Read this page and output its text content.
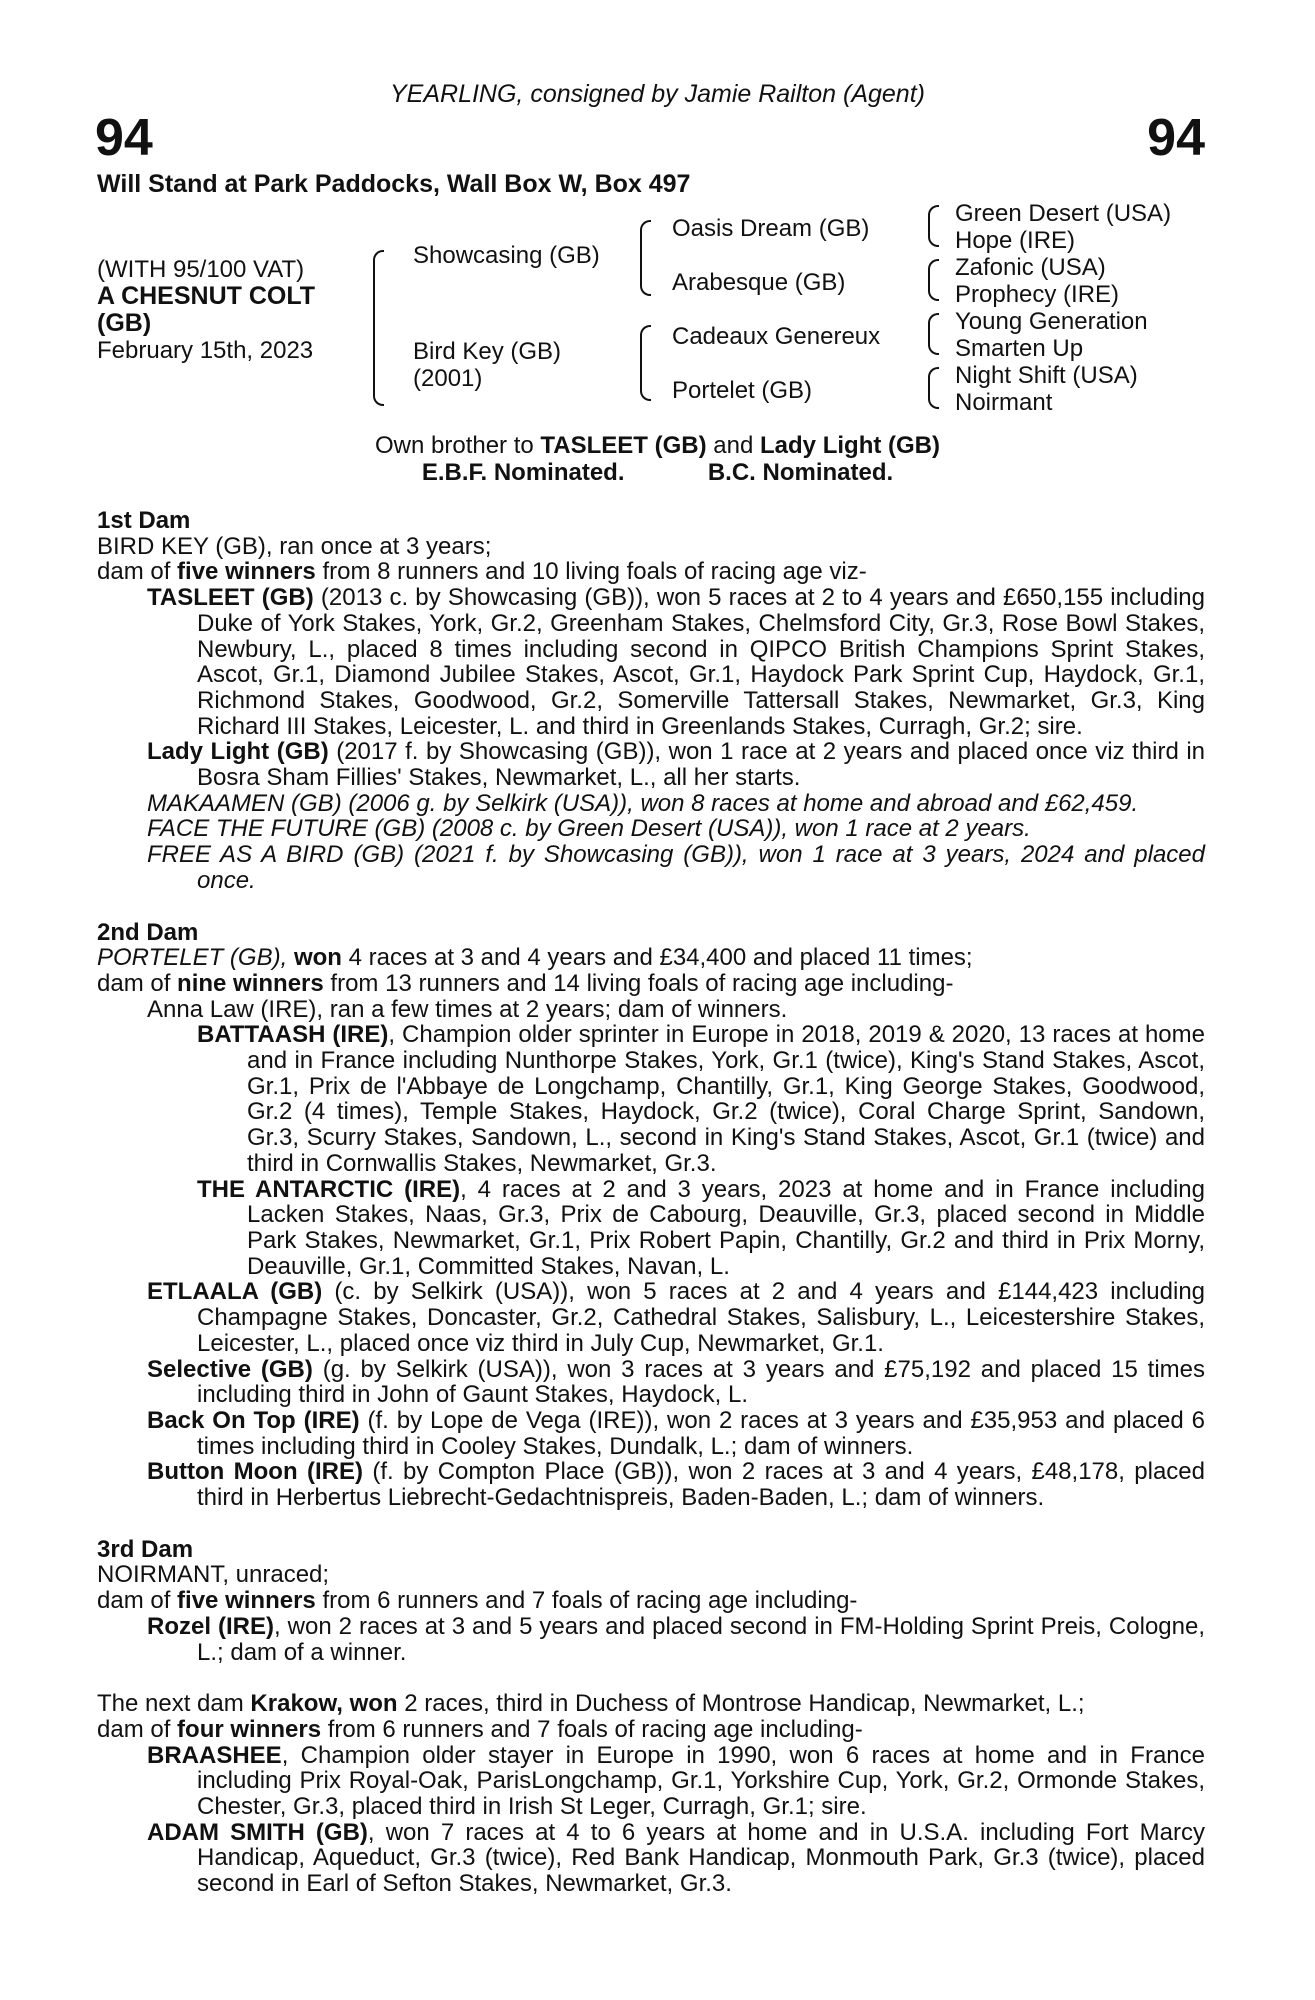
YEARLING, consigned by Jamie Railton (Agent)
94	94
Will Stand at Park Paddocks, Wall Box W, Box 497
(WITH 95/100 VAT)
A CHESNUT COLT
(GB)
February 15th, 2023
Showcasing (GB)
Bird Key (GB)
(2001)
Oasis Dream (GB)
Arabesque (GB)
Cadeaux Genereux
Portelet (GB)
Green Desert (USA)
Hope (IRE)
Zafonic (USA)
Prophecy (IRE)
Young Generation
Smarten Up
Night Shift (USA)
Noirmant
Own brother to TASLEET (GB) and Lady Light (GB)
E.B.F. Nominated.	B.C. Nominated.

1st Dam

BIRD KEY (GB), ran once at 3 years;

dam of five winners from 8 runners and 10 living foals of racing age viz-

TASLEET (GB) (2013 c. by Showcasing (GB)), won 5 races at 2 to 4 years and £650,155 including Duke of York Stakes, York, Gr.2, Greenham Stakes, Chelmsford City, Gr.3, Rose Bowl Stakes, Newbury, L., placed 8 times including second in QIPCO British Champions Sprint Stakes, Ascot, Gr.1, Diamond Jubilee Stakes, Ascot, Gr.1, Haydock Park Sprint Cup, Haydock, Gr.1, Richmond Stakes, Goodwood, Gr.2, Somerville Tattersall Stakes, Newmarket, Gr.3, King Richard III Stakes, Leicester, L. and third in Greenlands Stakes, Curragh, Gr.2; sire.

Lady Light (GB) (2017 f. by Showcasing (GB)), won 1 race at 2 years and placed once viz third in Bosra Sham Fillies' Stakes, Newmarket, L., all her starts.

MAKAAMEN (GB) (2006 g. by Selkirk (USA)), won 8 races at home and abroad and £62,459.

FACE THE FUTURE (GB) (2008 c. by Green Desert (USA)), won 1 race at 2 years.

FREE AS A BIRD (GB) (2021 f. by Showcasing (GB)), won 1 race at 3 years, 2024 and placed once.

2nd Dam

PORTELET (GB), won 4 races at 3 and 4 years and £34,400 and placed 11 times;

dam of nine winners from 13 runners and 14 living foals of racing age including-

Anna Law (IRE), ran a few times at 2 years; dam of winners.

BATTAASH (IRE), Champion older sprinter in Europe in 2018, 2019 & 2020, 13 races at home and in France including Nunthorpe Stakes, York, Gr.1 (twice), King's Stand Stakes, Ascot, Gr.1, Prix de l'Abbaye de Longchamp, Chantilly, Gr.1, King George Stakes, Goodwood, Gr.2 (4 times), Temple Stakes, Haydock, Gr.2 (twice), Coral Charge Sprint, Sandown, Gr.3, Scurry Stakes, Sandown, L., second in King's Stand Stakes, Ascot, Gr.1 (twice) and third in Cornwallis Stakes, Newmarket, Gr.3.

THE ANTARCTIC (IRE), 4 races at 2 and 3 years, 2023 at home and in France including Lacken Stakes, Naas, Gr.3, Prix de Cabourg, Deauville, Gr.3, placed second in Middle Park Stakes, Newmarket, Gr.1, Prix Robert Papin, Chantilly, Gr.2 and third in Prix Morny, Deauville, Gr.1, Committed Stakes, Navan, L.

ETLAALA (GB) (c. by Selkirk (USA)), won 5 races at 2 and 4 years and £144,423 including Champagne Stakes, Doncaster, Gr.2, Cathedral Stakes, Salisbury, L., Leicestershire Stakes, Leicester, L., placed once viz third in July Cup, Newmarket, Gr.1.

Selective (GB) (g. by Selkirk (USA)), won 3 races at 3 years and £75,192 and placed 15 times including third in John of Gaunt Stakes, Haydock, L.

Back On Top (IRE) (f. by Lope de Vega (IRE)), won 2 races at 3 years and £35,953 and placed 6 times including third in Cooley Stakes, Dundalk, L.; dam of winners.

Button Moon (IRE) (f. by Compton Place (GB)), won 2 races at 3 and 4 years, £48,178, placed third in Herbertus Liebrecht-Gedachtnispreis, Baden-Baden, L.; dam of winners.

3rd Dam

NOIRMANT, unraced;

dam of five winners from 6 runners and 7 foals of racing age including-

Rozel (IRE), won 2 races at 3 and 5 years and placed second in FM-Holding Sprint Preis, Cologne, L.; dam of a winner.

The next dam Krakow, won 2 races, third in Duchess of Montrose Handicap, Newmarket, L.;

dam of four winners from 6 runners and 7 foals of racing age including-

BRAASHEE, Champion older stayer in Europe in 1990, won 6 races at home and in France including Prix Royal-Oak, ParisLongchamp, Gr.1, Yorkshire Cup, York, Gr.2, Ormonde Stakes, Chester, Gr.3, placed third in Irish St Leger, Curragh, Gr.1; sire.

ADAM SMITH (GB), won 7 races at 4 to 6 years at home and in U.S.A. including Fort Marcy Handicap, Aqueduct, Gr.3 (twice), Red Bank Handicap, Monmouth Park, Gr.3 (twice), placed second in Earl of Sefton Stakes, Newmarket, Gr.3.
